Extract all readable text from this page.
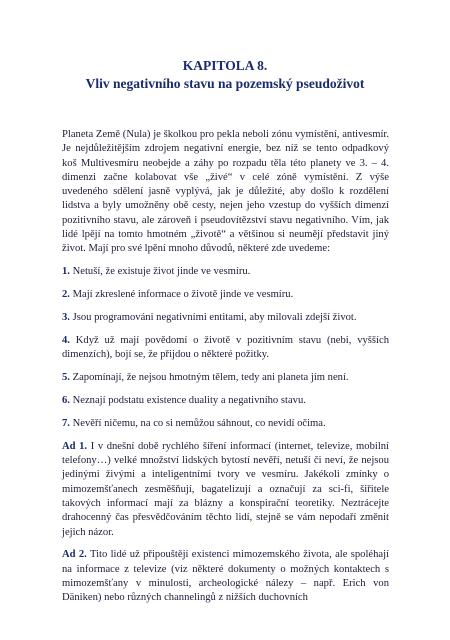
KAPITOLA 8.
Vliv negativního stavu na pozemský pseudoživot

Planeta Země (Nula) je školkou pro pekla neboli zónu vymístění, antivesmír. Je nejdůležitějším zdrojem negativní energie, bez níž se tento odpadkový koš Multivesmíru neobejde a záhy po rozpadu těla této planety ve 3. – 4. dimenzi začne kolabovat vše „živé“ v celé zóně vymístění. Z výše uvedeného sdělení jasně vyplývá, jak je důležité, aby došlo k rozdělení lidstva a byly umožněny obě cesty, nejen jeho vzestup do vyšších dimenzí pozitivního stavu, ale zároveň i pseudovítězství stavu negativního. Vím, jak lidé lpějí na tomto hmotném „životě“ a většinou si neumějí představit jiný život. Mají pro své lpění mnoho důvodů, některé zde uvedeme:

1. Netuší, že existuje život jinde ve vesmíru.

2. Mají zkreslené informace o životě jinde ve vesmíru.

3. Jsou programováni negativními entitami, aby milovali zdejší život.

4. Když už mají povědomí o životě v pozitivním stavu (nebi, vyšších dimenzích), bojí se, že přijdou o některé požitky.

5. Zapomínají, že nejsou hmotným tělem, tedy ani planeta jím není.

6. Neznají podstatu existence duality a negativního stavu.

7. Nevěří ničemu, na co si nemůžou sáhnout, co nevidí očima.

Ad 1. I v dnešní době rychlého šíření informací (internet, televize, mobilní telefony…) velké množství lidských bytostí nevěří, netuší či neví, že nejsou jedinými živými a inteligentními tvory ve vesmíru. Jakékoli zmínky o mimozemšťanech zesměšňují, bagatelizují a označují za sci-fi, šiřitele takových informací mají za blázny a konspirační teoretiky. Neztrácejte drahocenný čas přesvědčováním těchto lidí, stejně se vám nepodaří změnit jejich názor.

Ad 2. Tito lidé už připouštějí existenci mimozemského života, ale spoléhají na informace z televize (viz některé dokumenty o možných kontaktech s mimozemšťany v minulosti, archeologické nálezy – např. Erich von Däniken) nebo různých channelingů z nižších duchovních
